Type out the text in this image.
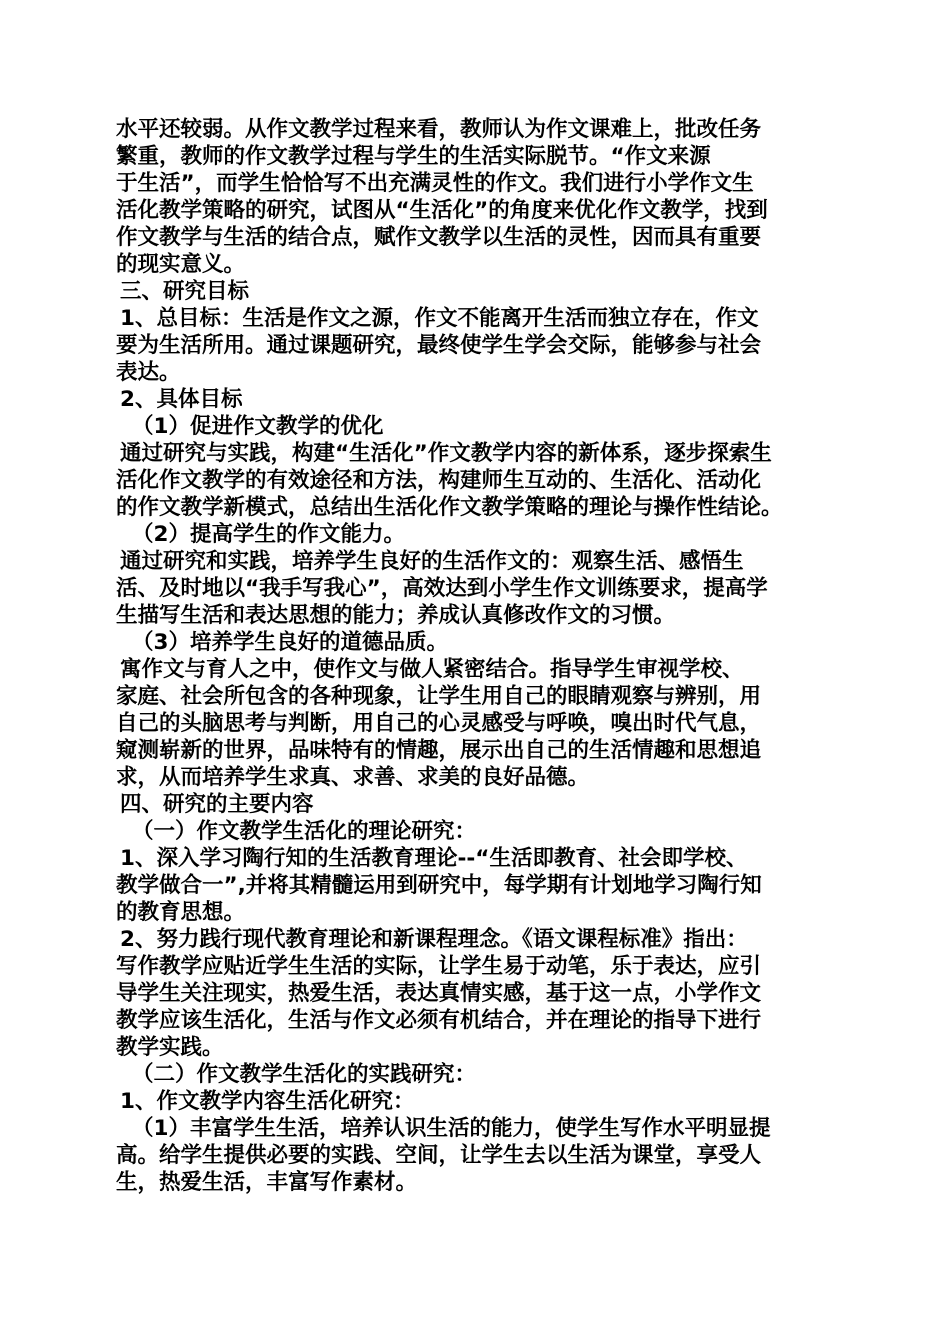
水平还较弱。从作文教学过程来看，教师认为作文课难上，批改任务
繁重，教师的作文教学过程与学生的生活实际脱节。“作文来源
于生活”，而学生恰恰写不出充满灵性的作文。我们进行小学作文生
活化教学策略的研究，试图从“生活化”的角度来优化作文教学，找到
作文教学与生活的结合点，赋作文教学以生活的灵性，因而具有重要
的现实意义。
三、研究目标
1、总目标：生活是作文之源，作文不能离开生活而独立存在，作文
要为生活所用。通过课题研究，最终使学生学会交际，能够参与社会
表达。
2、具体目标
（1）促进作文教学的优化
通过研究与实践，构建“生活化”作文教学内容的新体系，逐步探索生
活化作文教学的有效途径和方法，构建师生互动的、生活化、活动化
的作文教学新模式，总结出生活化作文教学策略的理论与操作性结论。
（2）提高学生的作文能力。
通过研究和实践，培养学生良好的生活作文的：观察生活、感悟生
活、及时地以“我手写我心”，高效达到小学生作文训练要求，提高学
生描写生活和表达思想的能力；养成认真修改作文的习惯。
（3）培养学生良好的道德品质。
寓作文与育人之中，使作文与做人紧密结合。指导学生审视学校、
家庭、社会所包含的各种现象，让学生用自己的眼睛观察与辨别，用
自己的头脑思考与判断，用自己的心灵感受与呼唤，嗅出时代气息，
窥测崭新的世界，品味特有的情趣，展示出自己的生活情趣和思想追
求，从而培养学生求真、求善、求美的良好品德。
四、研究的主要内容
（一）作文教学生活化的理论研究：
1、深入学习陶行知的生活教育理论--“生活即教育、社会即学校、
教学做合一”,并将其精髓运用到研究中，每学期有计划地学习陶行知
的教育思想。
2、努力践行现代教育理论和新课程理念。《语文课程标准》指出：
写作教学应贴近学生生活的实际，让学生易于动笔，乐于表达，应引
导学生关注现实，热爱生活，表达真情实感，基于这一点，小学作文
教学应该生活化，生活与作文必须有机结合，并在理论的指导下进行
教学实践。
（二）作文教学生活化的实践研究：
1、作文教学内容生活化研究：
（1）丰富学生生活，培养认识生活的能力，使学生写作水平明显提
高。给学生提供必要的实践、空间，让学生去以生活为课堂，享受人
生，热爱生活，丰富写作素材。
